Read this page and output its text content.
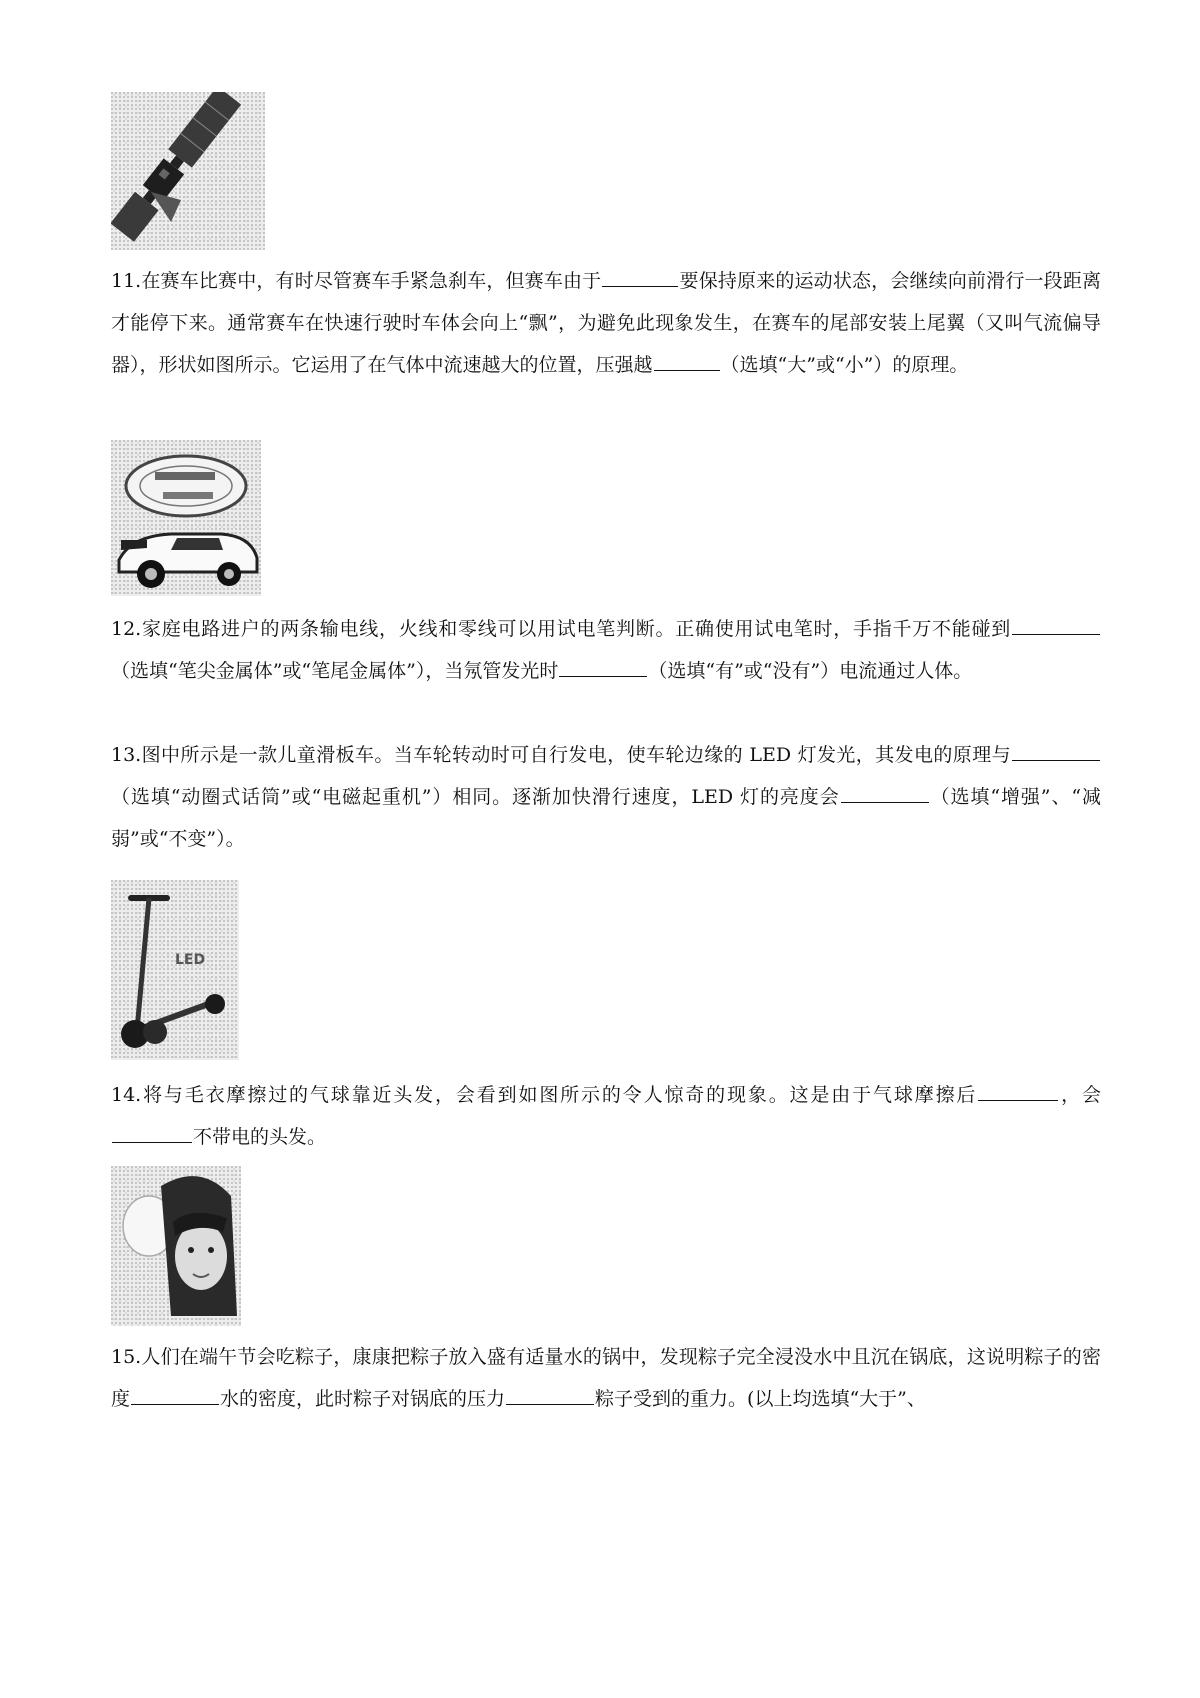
11.在赛车比赛中，有时尽管赛车手紧急刹车，但赛车由于	要保持原来的运动状态，会继续向前滑行一段距离才能停下来。通常赛车在快速行驶时车体会向上“飘”，为避免此现象发生，在赛车的尾部安装上尾翼（又叫气流偏导器），形状如图所示。它运用了在气体中流速越大的位置，压强越	（选填“大”或“小”）的原理。

12.家庭电路进户的两条输电线，火线和零线可以用试电笔判断。正确使用试电笔时，手指千万不能碰到（选填“笔尖金属体”或“笔尾金属体”），当氖管发光时	（选填“有”或“没有”）电流通过人体。

13.图中所示是一款儿童滑板车。当车轮转动时可自行发电，使车轮边缘的 LED 灯发光，其发电的原理与（选填“动圈式话筒”或“电磁起重机”）相同。逐渐加快滑行速度，LED 灯的亮度会	（选填“增强”、“减弱”或“不变”）。

LED

14.将与毛衣摩擦过的气球靠近头发，会看到如图所示的令人惊奇的现象。这是由于气球摩擦后	，会不带电的头发。

15.人们在端午节会吃粽子，康康把粽子放入盛有适量水的锅中，发现粽子完全浸没水中且沉在锅底，这说明粽子的密度	水的密度，此时粽子对锅底的压力	粽子受到的重力。(以上均选填“大于”、
